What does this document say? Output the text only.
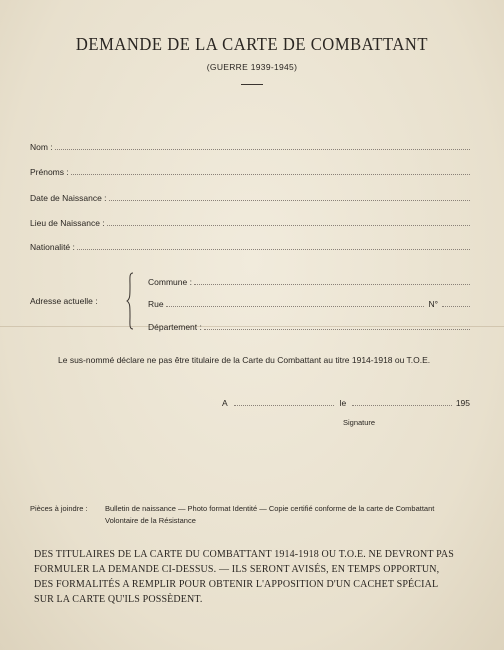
DEMANDE DE LA CARTE DE COMBATTANT
(GUERRE 1939-1945)
Nom :
Prénoms :
Date de Naissance :
Lieu de Naissance :
Nationalité :
Adresse actuelle :
Commune :
Rue	N°
Département :
Le sus-nommé déclare ne pas être titulaire de la Carte du Combattant au titre 1914-1918 ou T.O.E.
A	le	195
Signature
Pièces à joindre : Bulletin de naissance — Photo format Identité — Copie certifié conforme de la carte de Combattant
Volontaire de la Résistance
DES TITULAIRES DE LA CARTE DU COMBATTANT 1914-1918 OU T.O.E. NE DEVRONT PAS
FORMULER LA DEMANDE CI-DESSUS. — ILS SERONT AVISÉS, EN TEMPS OPPORTUN,
DES FORMALITÉS A REMPLIR POUR OBTENIR L'APPOSITION D'UN CACHET SPÉCIAL
SUR LA CARTE QU'ILS POSSÈDENT.
